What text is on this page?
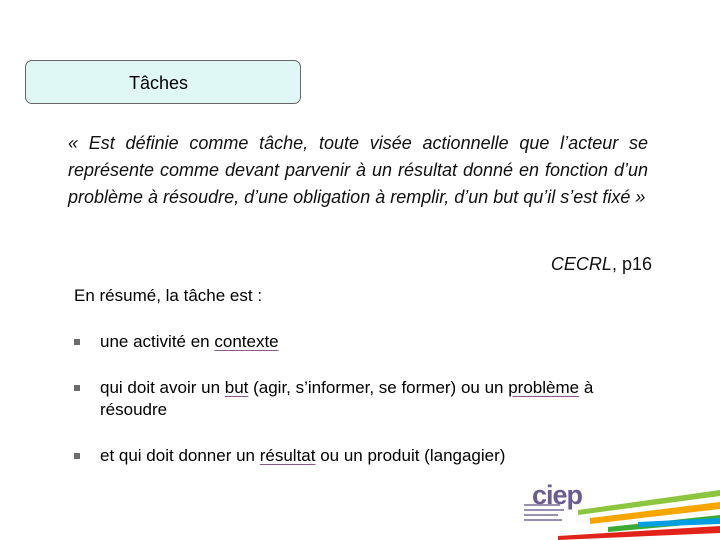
Tâches
« Est définie comme tâche, toute visée actionnelle que l’acteur se représente comme devant parvenir à un résultat donné en fonction d’un problème à résoudre, d’une obligation à remplir, d’un but qu’il s’est fixé »
CECRL, p16
En résumé, la tâche est :
une activité en contexte
qui doit avoir un but (agir, s’informer, se former) ou un problème à résoudre
et qui doit donner un résultat ou un produit (langagier)
ciep
